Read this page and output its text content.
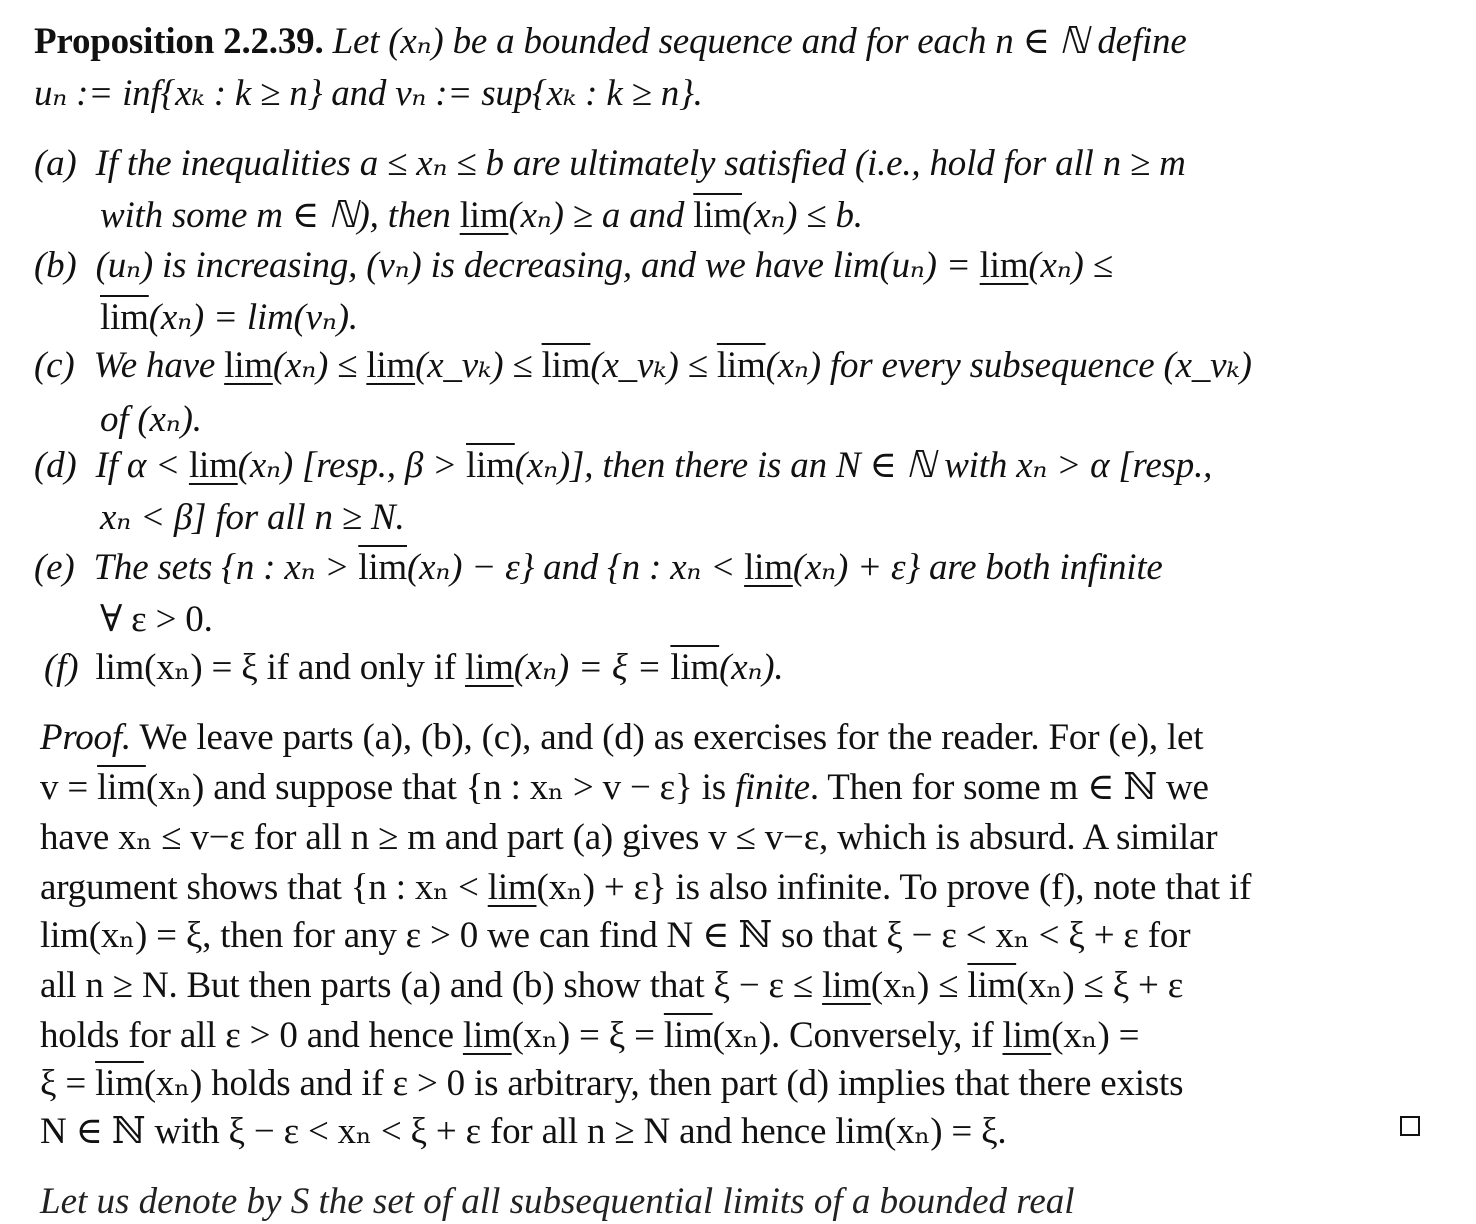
Proposition 2.2.39. Let (xₙ) be a bounded sequence and for each n ∈ ℕ define
uₙ := inf{xₖ : k ≥ n} and vₙ := sup{xₖ : k ≥ n}.
(a) If the inequalities a ≤ xₙ ≤ b are ultimately satisfied (i.e., hold for all n ≥ m
with some m ∈ ℕ), then lim(xₙ) ≥ a and $\overline{lim}(x_n) \le b$.
(b) (uₙ) is increasing, (vₙ) is decreasing, and we have lim(uₙ) = lim(xₙ) ≤
$\overline{lim}(x_n) = \lim(v_n)$.
(c) We have lim(xₙ) ≤ lim(x_νₖ) ≤ $\overline{lim}(x\_\nu_k) \le \overline{lim}(x_n)$ for every subsequence (x_νₖ)
of (xₙ).
(d) If α < lim(xₙ) [resp., $\beta > \overline{lim}(x_n)$], then there is an N ∈ ℕ with xₙ > α [resp.,
xₙ < β] for all n ≥ N.
(e) The sets {n : $x_n > \overline{lim}(x_n) - \varepsilon$} and {n : xₙ < lim(xₙ) + ε} are both infinite
∀ ε > 0.
(f) lim(xₙ) = ξ if and only if $\lim(x_n) = \xi = \overline{lim}(x_n)$.
Proof. We leave parts (a), (b), (c), and (d) as exercises for the reader. For (e), let
$v = \overline{lim}(x_n)$ and suppose that {n : xₙ > v − ε} is finite. Then for some m ∈ ℕ we
have xₙ ≤ v−ε for all n ≥ m and part (a) gives v ≤ v−ε, which is absurd. A similar
argument shows that {n : xₙ < lim(xₙ) + ε} is also infinite. To prove (f), note that if
lim(xₙ) = ξ, then for any ε > 0 we can find N ∈ ℕ so that ξ − ε < xₙ < ξ + ε for
all n ≥ N. But then parts (a) and (b) show that $\xi - \varepsilon \le \lim(x_n) \le \overline{lim}(x_n) \le \xi + \varepsilon$
holds for all ε > 0 and hence $\lim(x_n) = \xi = \overline{lim}(x_n)$. Conversely, if lim(xₙ) =
$\xi = \overline{lim}(x_n)$ holds and if ε > 0 is arbitrary, then part (d) implies that there exists
N ∈ ℕ with ξ − ε < xₙ < ξ + ε for all n ≥ N and hence lim(xₙ) = ξ.
Let us denote by S the set of all subsequential limits of a bounded real
